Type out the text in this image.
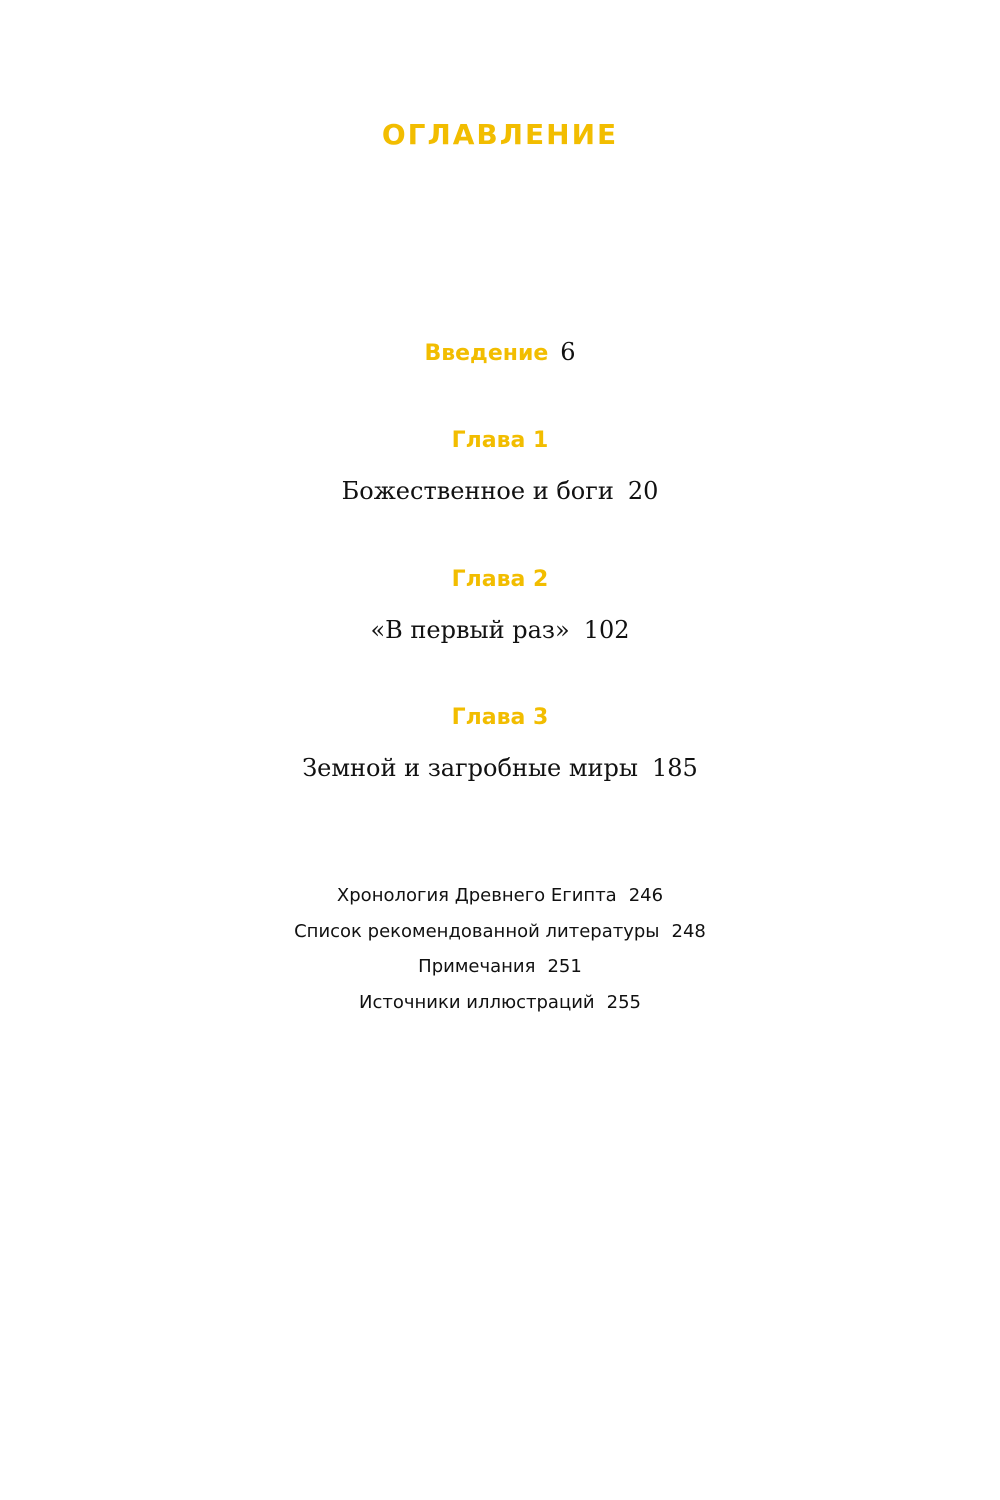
ОГЛАВЛЕНИЕ
Введение 6
Глава 1
Божественное и боги 20
Глава 2
«В первый раз» 102
Глава 3
Земной и загробные миры 185
Хронология Древнего Египта 246
Список рекомендованной литературы 248
Примечания 251
Источники иллюстраций 255
